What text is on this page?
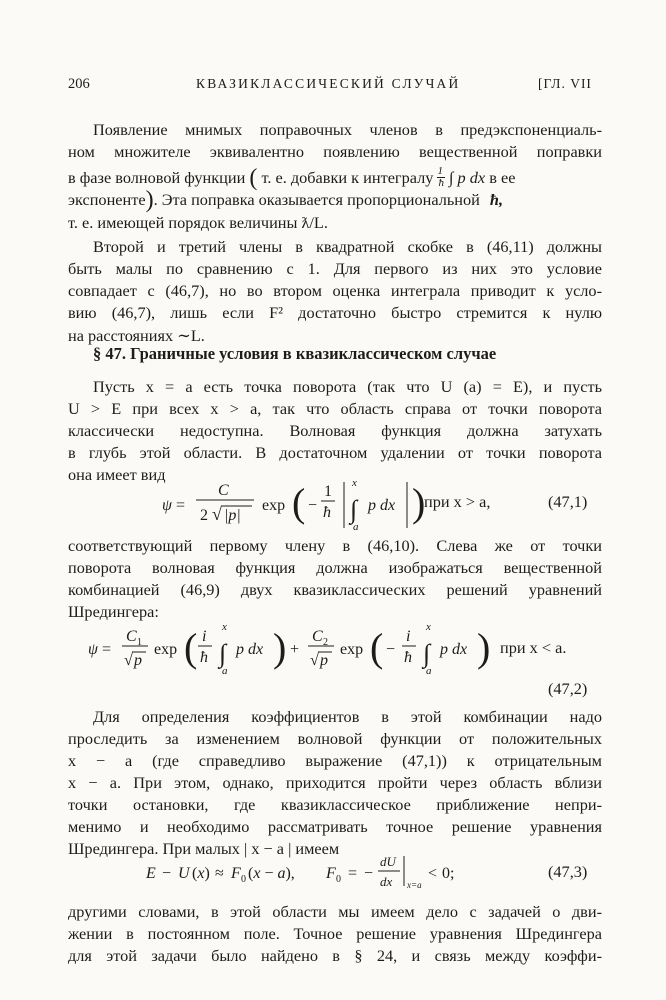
206	КВАЗИКЛАССИЧЕСКИЙ СЛУЧАЙ	[ГЛ. VII
Появление мнимых поправочных членов в предэкспоненциаль-
ном множителе эквивалентно появлению вещественной поправки
в фазе волновой функции ( т. е. добавки к интегралу 1
ħ ∫ p dx в ее
экспоненте). Эта поправка оказывается пропорциональной ħ,
т. е. имеющей порядок величины ƛ/L.
Второй и третий члены в квадратной скобке в (46,11) должны
быть малы по сравнению с 1. Для первого из них это условие
совпадает с (46,7), но во втором оценка интеграла приводит к усло-
вию (46,7), лишь если F² достаточно быстро стремится к нулю
на расстояниях ∼L.
§ 47. Граничные условия в квазиклассическом случае
Пусть x = a есть точка поворота (так что U (a) = E), и пусть
U > E при всех x > a, так что область справа от точки поворота
классически недоступна. Волновая функция должна затухать
в глубь этой области. В достаточном удалении от точки поворота
она имеет вид
ψ =
C
2 √ |p|
exp ( −
1
ħ
x
∫
a
p dx )
при x > a,	(47,1)
соответствующий первому члену в (46,10). Слева же от точки
поворота волновая функция должна изображаться вещественной
комбинацией (46,9) двух квазиклассических решений уравнений
Шредингера:
ψ =
C 1
√ p
exp ( i
ħ
x
∫
a
p dx ) +
C 2
√ p
exp ( −
i
ħ
x
∫
a
p dx ) при x < a.
(47,2)
Для определения коэффициентов в этой комбинации надо
проследить за изменением волновой функции от положительных
x − a (где справедливо выражение (47,1)) к отрицательным
x − a. При этом, однако, приходится пройти через область вблизи
точки остановки, где квазиклассическое приближение непри-
менимо и необходимо рассматривать точное решение уравнения
Шредингера. При малых | x − a | имеем
E − U (x) ≈ F 0 (x − a), F 0 = −
dU
dx x=a
< 0;	(47,3)
другими словами, в этой области мы имеем дело с задачей о дви-
жении в постоянном поле. Точное решение уравнения Шредингера
для этой задачи было найдено в § 24, и связь между коэффи-
